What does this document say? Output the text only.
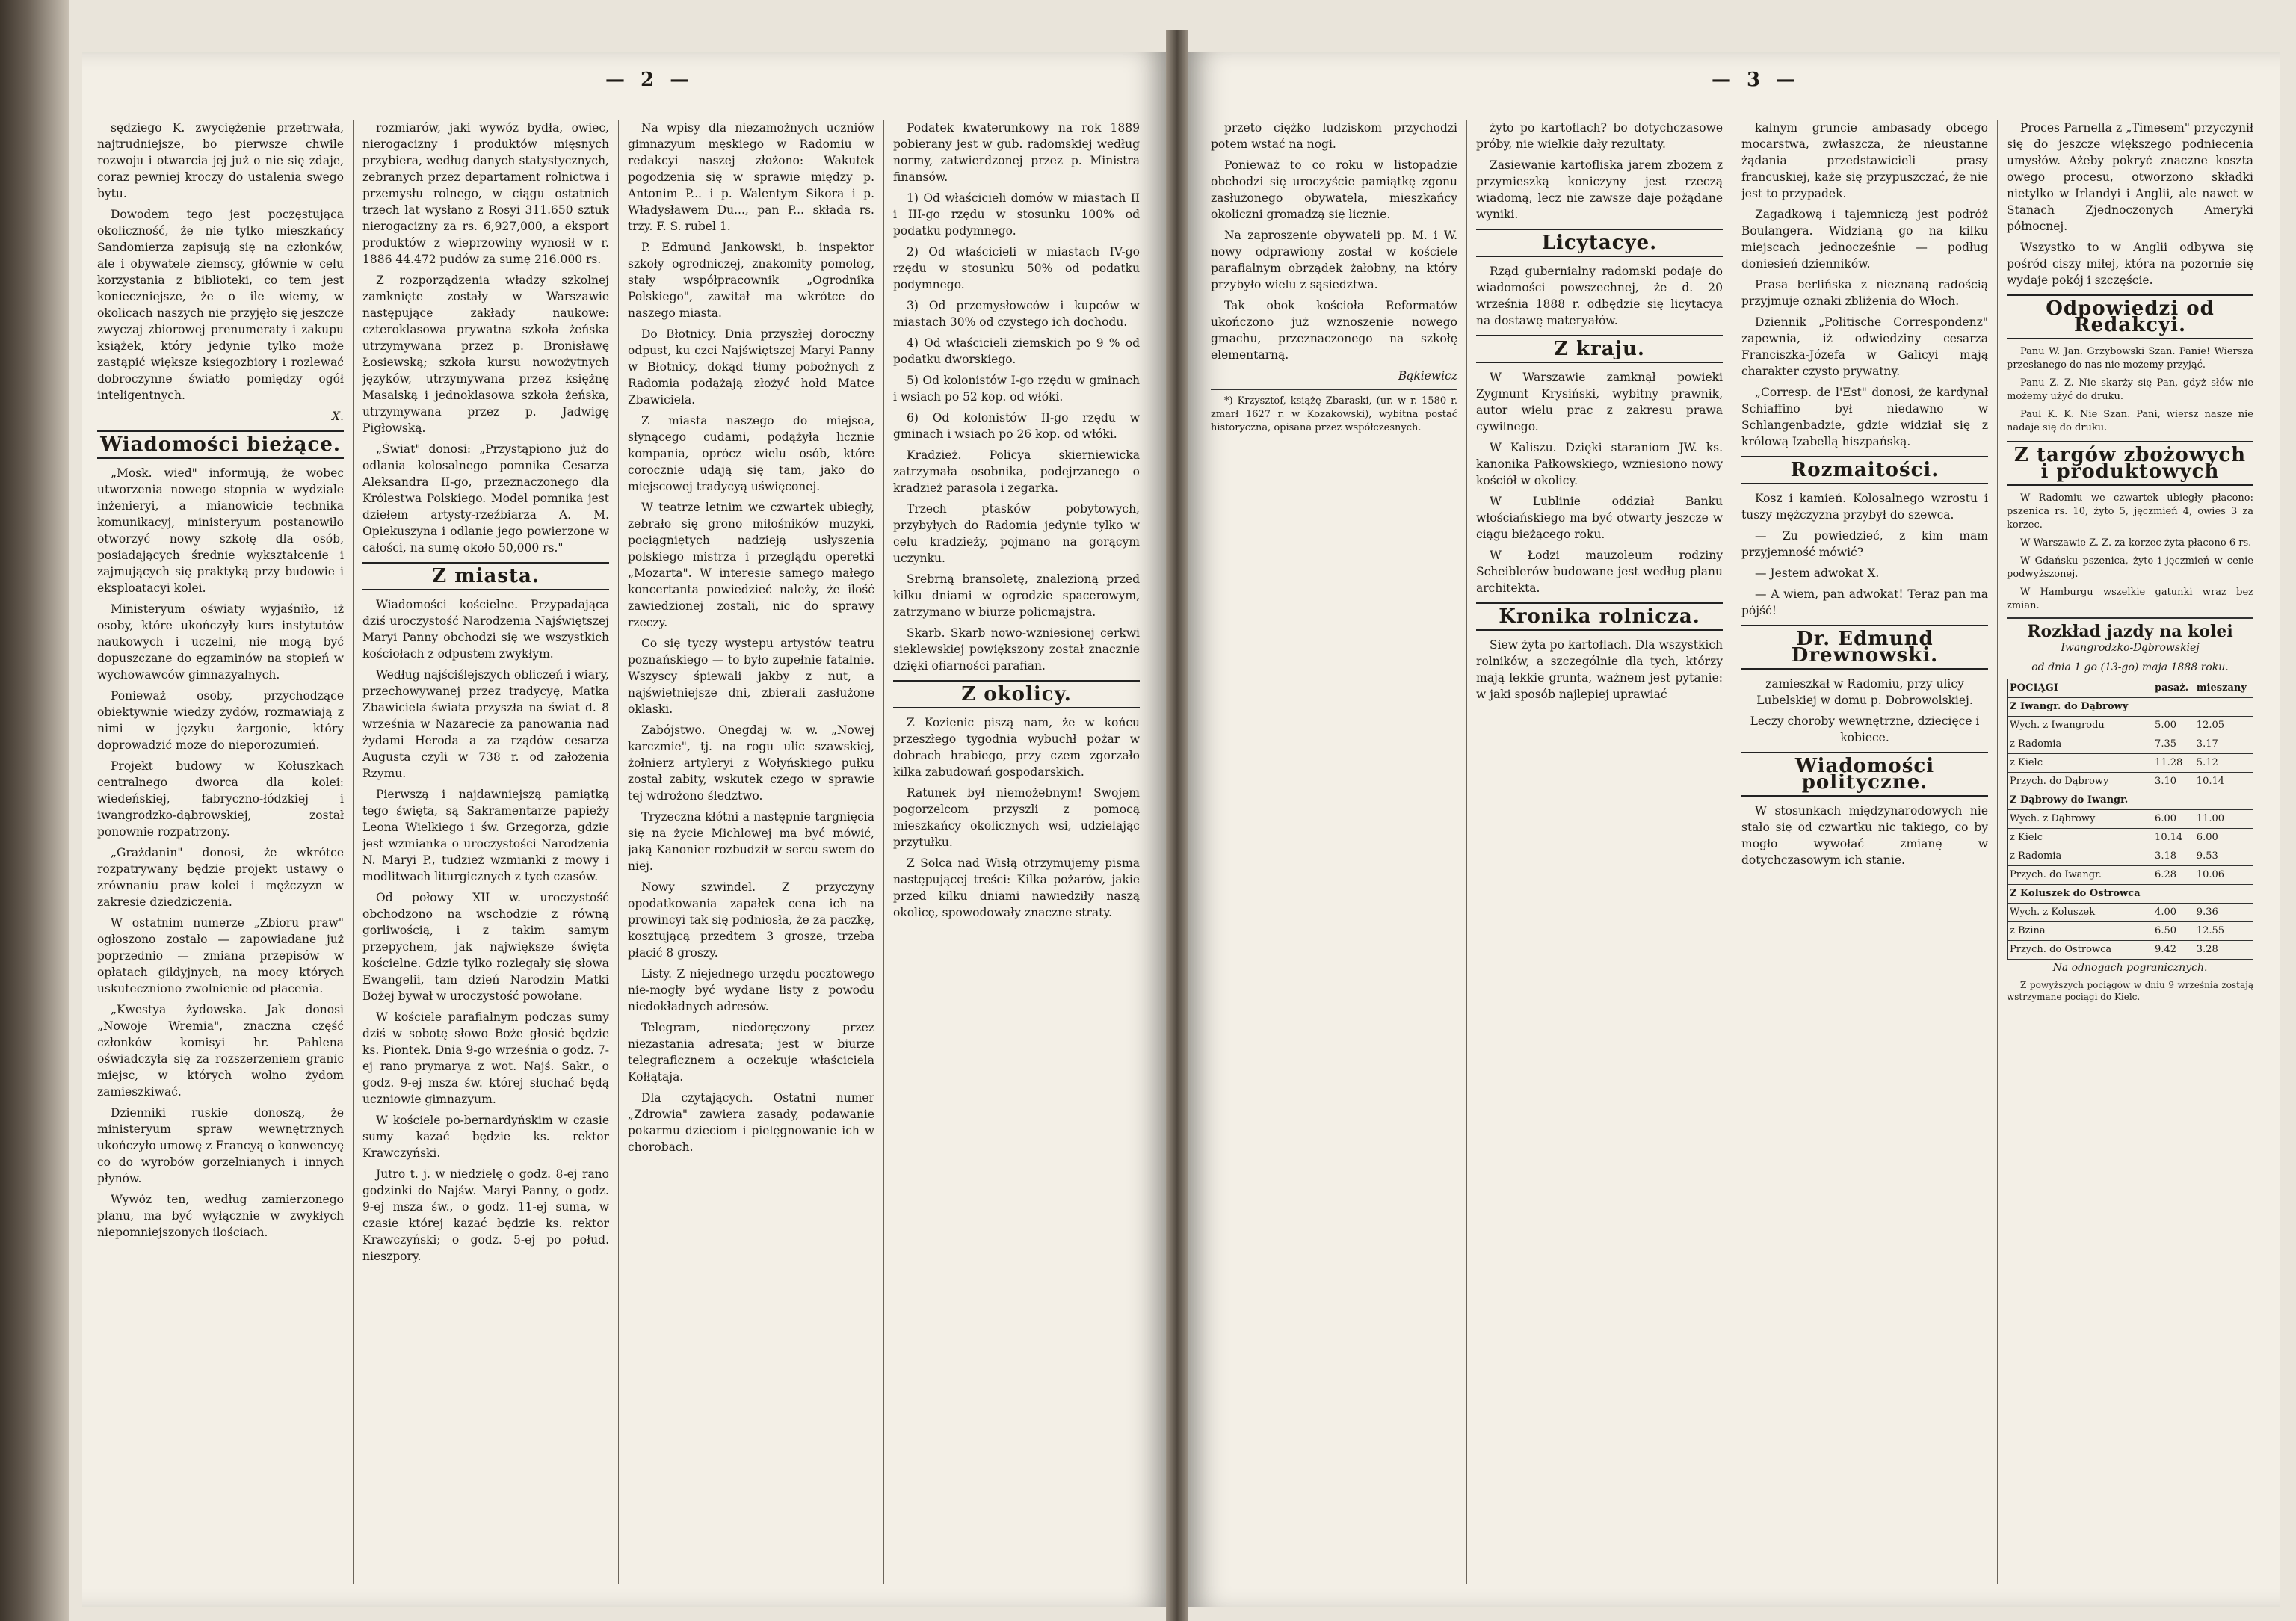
— 2 —

sędziego K. zwyciężenie przetrwała, najtrudniejsze, bo pierwsze chwile rozwoju i otwarcia jej już o nie się zdaje, coraz pewniej kroczy do ustalenia swego bytu.

Dowodem tego jest poczęstująca okoliczność, że nie tylko mieszkańcy Sandomierza zapisują się na członków, ale i obywatele ziemscy, głównie w celu korzystania z biblioteki, co tem jest konieczniejsze, że o ile wiemy, w okolicach naszych nie przyjęło się jeszcze zwyczaj zbiorowej prenumeraty i zakupu książek, który jedynie tylko może zastąpić większe księgozbiory i rozlewać dobroczynne światło pomiędzy ogół inteligentnych.

X.
Wiadomości bieżące.

„Mosk. wied" informują, że wobec utworzenia nowego stopnia w wydziale inżenieryi, a mianowicie technika komunikacyj, ministeryum postanowiło otworzyć nowy szkołę dla osób, posiadających średnie wykształcenie i zajmujących się praktyką przy budowie i eksploatacyi kolei.

Ministeryum oświaty wyjaśniło, iż osoby, które ukończyły kurs instytutów naukowych i uczelni, nie mogą być dopuszczane do egzaminów na stopień w wychowawców gimnazyalnych.

Ponieważ osoby, przychodzące obiektywnie wiedzy żydów, rozmawiają z nimi w języku żargonie, który doprowadzić może do nieporozumień.

Projekt budowy w Kołuszkach centralnego dworca dla kolei: wiedeńskiej, fabryczno-łódzkiej i iwangrodzko-dąbrowskiej, został ponownie rozpatrzony.

„Grażdanin" donosi, że wkrótce rozpatrywany będzie projekt ustawy o zrównaniu praw kolei i mężczyzn w zakresie dziedziczenia.

W ostatnim numerze „Zbioru praw" ogłoszono zostało — zapowiadane już poprzednio — zmiana przepisów w opłatach gildyjnych, na mocy których uskuteczniono zwolnienie od płacenia.

„Kwestya żydowska. Jak donosi „Nowoje Wremia", znaczna część członków komisyi hr. Pahlena oświadczyła się za rozszerzeniem granic miejsc, w których wolno żydom zamieszkiwać.

Dzienniki ruskie donoszą, że ministeryum spraw wewnętrznych ukończyło umowę z Francyą o konwencyę co do wyrobów gorzelnianych i innych płynów.

Wywóz ten, według zamierzonego planu, ma być wyłącznie w zwykłych niepomniejszonych ilościach.

rozmiarów, jaki wywóz bydła, owiec, nierogacizny i produktów mięsnych przybiera, według danych statystycznych, zebranych przez departament rolnictwa i przemysłu rolnego, w ciągu ostatnich trzech lat wysłano z Rosyi 311.650 sztuk nierogacizny za rs. 6,927,000, a eksport produktów z wieprzowiny wynosił w r. 1886 44.472 pudów za sumę 216.000 rs.

Z rozporządzenia władzy szkolnej zamknięte zostały w Warszawie następujące zakłady naukowe: czteroklasowa prywatna szkoła żeńska utrzymywana przez p. Bronisławę Łosiewską; szkoła kursu nowożytnych języków, utrzymywana przez księżnę Masalską i jednoklasowa szkoła żeńska, utrzymywana przez p. Jadwigę Pigłowską.

„Świat" donosi: „Przystąpiono już do odlania kolosalnego pomnika Cesarza Aleksandra II-go, przeznaczonego dla Królestwa Polskiego. Model pomnika jest dziełem artysty-rzeźbiarza A. M. Opiekuszyna i odlanie jego powierzone w całości, na sumę około 50,000 rs."

Z miasta.

Wiadomości kościelne. Przypadająca dziś uroczystość Narodzenia Najświętszej Maryi Panny obchodzi się we wszystkich kościołach z odpustem zwykłym.

Według najściślejszych obliczeń i wiary, przechowywanej przez tradycyę, Matka Zbawiciela świata przyszła na świat d. 8 września w Nazarecie za panowania nad żydami Heroda a za rządów cesarza Augusta czyli w 738 r. od założenia Rzymu.

Pierwszą i najdawniejszą pamiątką tego święta, są Sakramentarze papieży Leona Wielkiego i św. Grzegorza, gdzie jest wzmianka o uroczystości Narodzenia N. Maryi P., tudzież wzmianki z mowy i modlitwach liturgicznych z tych czasów.

Od połowy XII w. uroczystość obchodzono na wschodzie z równą gorliwością, i z takim samym przepychem, jak największe święta kościelne. Gdzie tylko rozlegały się słowa Ewangelii, tam dzień Narodzin Matki Bożej bywał w uroczystość powołane.

W kościele parafialnym podczas sumy dziś w sobotę słowo Boże głosić będzie ks. Piontek. Dnia 9-go września o godz. 7-ej rano prymarya z wot. Najś. Sakr., o godz. 9-ej msza św. której słuchać będą uczniowie gimnazyum.

W kościele po-bernardyńskim w czasie sumy kazać będzie ks. rektor Krawczyński.

Jutro t. j. w niedzielę o godz. 8-ej rano godzinki do Najśw. Maryi Panny, o godz. 9-ej msza św., o godz. 11-ej suma, w czasie której kazać będzie ks. rektor Krawczyński; o godz. 5-ej po połud. nieszpory.

Na wpisy dla niezamożnych uczniów gimnazyum męskiego w Radomiu w redakcyi naszej złożono: Wakutek pogodzenia się w sprawie między p. Antonim P... i p. Walentym Sikora i p. Władysławem Du..., pan P... składa rs. trzy. F. S. rubel 1.

P. Edmund Jankowski, b. inspektor szkoły ogrodniczej, znakomity pomolog, stały współpracownik „Ogrodnika Polskiego", zawitał ma wkrótce do naszego miasta.

Do Błotnicy. Dnia przyszłej doroczny odpust, ku czci Najświętszej Maryi Panny w Błotnicy, dokąd tłumy pobożnych z Radomia podążają złożyć hołd Matce Zbawiciela.

Z miasta naszego do miejsca, słynącego cudami, podążyła licznie kompania, oprócz wielu osób, które corocznie udają się tam, jako do miejscowej tradycyą uświęconej.

W teatrze letnim we czwartek ubiegły, zebrało się grono miłośników muzyki, pociągniętych nadzieją usłyszenia polskiego mistrza i przeglądu operetki „Mozarta". W interesie samego małego koncertanta powiedzieć należy, że ilość zawiedzionej zostali, nic do sprawy rzeczy.

Co się tyczy wystepu artystów teatru poznańskiego — to było zupełnie fatalnie. Wszyscy śpiewali jakby z nut, a najświetniejsze dni, zbierali zasłużone oklaski.

Zabójstwo. Onegdaj w. w. „Nowej karczmie", tj. na rogu ulic szawskiej, żołnierz artyleryi z Wołyńskiego pułku został zabity, wskutek czego w sprawie tej wdrożono śledztwo.

Tryzeczna kłótni a następnie targnięcia się na życie Michlowej ma być mówić, jaką Kanonier rozbudził w sercu swem do niej.

Nowy szwindel. Z przyczyny opodatkowania zapałek cena ich na prowincyi tak się podniosła, że za paczkę, kosztującą przedtem 3 grosze, trzeba płacić 8 groszy.

Listy. Z niejednego urzędu pocztowego nie-mogły być wydane listy z powodu niedokładnych adresów.

Telegram, niedoręczony przez niezastania adresata; jest w biurze telegraficznem a oczekuje właściciela Kołłątaja.

Dla czytających. Ostatni numer „Zdrowia" zawiera zasady, podawanie pokarmu dzieciom i pielęgnowanie ich w chorobach.

Podatek kwaterunkowy na rok 1889 pobierany jest w gub. radomskiej według normy, zatwierdzonej przez p. Ministra finansów.

1) Od właścicieli domów w miastach II i III-go rzędu w stosunku 100% od podatku podymnego.

2) Od właścicieli w miastach IV-go rzędu w stosunku 50% od podatku podymnego.

3) Od przemysłowców i kupców w miastach 30% od czystego ich dochodu.

4) Od właścicieli ziemskich po 9 % od podatku dworskiego.

5) Od kolonistów I-go rzędu w gminach i wsiach po 52 kop. od włóki.

6) Od kolonistów II-go rzędu w gminach i wsiach po 26 kop. od włóki.

Kradzież. Policya skierniewicka zatrzymała osobnika, podejrzanego o kradzież parasola i zegarka.

Trzech ptasków pobytowych, przybyłych do Radomia jedynie tylko w celu kradzieży, pojmano na gorącym uczynku.

Srebrną bransoletę, znalezioną przed kilku dniami w ogrodzie spacerowym, zatrzymano w biurze policmajstra.

Skarb. Skarb nowo-wzniesionej cerkwi sieklewskiej powiększony został znacznie dzięki ofiarności parafian.

Z okolicy.

Z Kozienic piszą nam, że w końcu przeszłego tygodnia wybuchł pożar w dobrach hrabiego, przy czem zgorzało kilka zabudowań gospodarskich.

Ratunek był niemożebnym! Swojem pogorzelcom przyszli z pomocą mieszkańcy okolicznych wsi, udzielając przytułku.

Z Solca nad Wisłą otrzymujemy pisma następującej treści: Kilka pożarów, jakie przed kilku dniami nawiedziły naszą okolicę, spowodowały znaczne straty.

— 3 —

przeto ciężko ludziskom przychodzi potem wstać na nogi.

Ponieważ to co roku w listopadzie obchodzi się uroczyście pamiątkę zgonu zasłużonego obywatela, mieszkańcy okoliczni gromadzą się licznie.

Na zaproszenie obywateli pp. M. i W. nowy odprawiony został w kościele parafialnym obrządek żałobny, na który przybyło wielu z sąsiedztwa.

Tak obok kościoła Reformatów ukończono już wznoszenie nowego gmachu, przeznaczonego na szkołę elementarną.

Bąkiewicz

*) Krzysztof, książę Zbaraski, (ur. w r. 1580 r. zmarł 1627 r. w Kozakowski), wybitna postać historyczna, opisana przez współczesnych.

żyto po kartoflach? bo dotychczasowe próby, nie wielkie dały rezultaty.

Zasiewanie kartofliska jarem zbożem z przymieszką koniczyny jest rzeczą wiadomą, lecz nie zawsze daje pożądane wyniki.

Licytacye.

Rząd gubernialny radomski podaje do wiadomości powszechnej, że d. 20 września 1888 r. odbędzie się licytacya na dostawę materyałów.

Z kraju.

W Warszawie zamknął powieki Zygmunt Krysiński, wybitny prawnik, autor wielu prac z zakresu prawa cywilnego.

W Kaliszu. Dzięki staraniom JW. ks. kanonika Pałkowskiego, wzniesiono nowy kościół w okolicy.

W Lublinie oddział Banku włościańskiego ma być otwarty jeszcze w ciągu bieżącego roku.

W Łodzi mauzoleum rodziny Scheiblerów budowane jest według planu architekta.

Kronika rolnicza.

Siew żyta po kartoflach. Dla wszystkich rolników, a szczególnie dla tych, którzy mają lekkie grunta, ważnem jest pytanie: w jaki sposób najlepiej uprawiać

kalnym gruncie ambasady obcego mocarstwa, zwłaszcza, że nieustanne żądania przedstawicieli prasy francuskiej, każe się przypuszczać, że nie jest to przypadek.

Zagadkową i tajemniczą jest podróż Boulangera. Widzianą go na kilku miejscach jednocześnie — podług doniesień dzienników.

Prasa berlińska z nieznaną radością przyjmuje oznaki zbliżenia do Włoch.

Dziennik „Politische Correspondenz" zapewnia, iż odwiedziny cesarza Franciszka-Józefa w Galicyi mają charakter czysto prywatny.

„Corresp. de l'Est" donosi, że kardynał Schiaffino był niedawno w Schlangenbadzie, gdzie widział się z królową Izabellą hiszpańską.

Rozmaitości.

Kosz i kamień. Kolosalnego wzrostu i tuszy mężczyzna przybył do szewca.

— Zu powiedzieć, z kim mam przyjemność mówić?

— Jestem adwokat X.

— A wiem, pan adwokat! Teraz pan ma pójść!

Dr. Edmund Drewnowski.

zamieszkał w Radomiu, przy ulicy Lubelskiej w domu p. Dobrowolskiej.

Leczy choroby wewnętrzne, dziecięce i kobiece.

Wiadomości polityczne.

W stosunkach międzynarodowych nie stało się od czwartku nic takiego, co by mogło wywołać zmianę w dotychczasowym ich stanie.

Proces Parnella z „Timesem" przyczynił się do jeszcze większego podniecenia umysłów. Ażeby pokryć znaczne koszta owego procesu, otworzono składki nietylko w Irlandyi i Anglii, ale nawet w Stanach Zjednoczonych Ameryki północnej.

Wszystko to w Anglii odbywa się pośród ciszy miłej, która na pozornie się wydaje pokój i szczęście.

Odpowiedzi od Redakcyi.

Panu W. Jan. Grzybowski Szan. Panie! Wiersza przesłanego do nas nie możemy przyjąć.

Panu Z. Z. Nie skarży się Pan, gdyż słów nie możemy użyć do druku.

Paul K. K. Nie Szan. Pani, wiersz nasze nie nadaje się do druku.

Z targów zbożowych i produktowych

W Radomiu we czwartek ubiegły płacono: pszenica rs. 10, żyto 5, jęczmień 4, owies 3 za korzec.

W Warszawie Z. Z. za korzec żyta płacono 6 rs.

W Gdańsku pszenica, żyto i jęczmień w cenie podwyższonej.

W Hamburgu wszelkie gatunki wraz bez zmian.

Rozkład jazdy na kolei
Iwangrodzko-Dąbrowskiej
od dnia 1 go (13-go) maja 1888 roku.
POCIĄGI	pasaż.	mieszany
Z Iwangr. do Dąbrowy		
Wych. z Iwangrodu	5.00	12.05
z Radomia	7.35	3.17
z Kielc	11.28	5.12
Przych. do Dąbrowy	3.10	10.14
Z Dąbrowy do Iwangr.		
Wych. z Dąbrowy	6.00	11.00
z Kielc	10.14	6.00
z Radomia	3.18	9.53
Przych. do Iwangr.	6.28	10.06
Z Koluszek do Ostrowca		
Wych. z Koluszek	4.00	9.36
z Bzina	6.50	12.55
Przych. do Ostrowca	9.42	3.28
Na odnogach pogranicznych.

Z powyższych pociągów w dniu 9 września zostają wstrzymane pociągi do Kielc.
